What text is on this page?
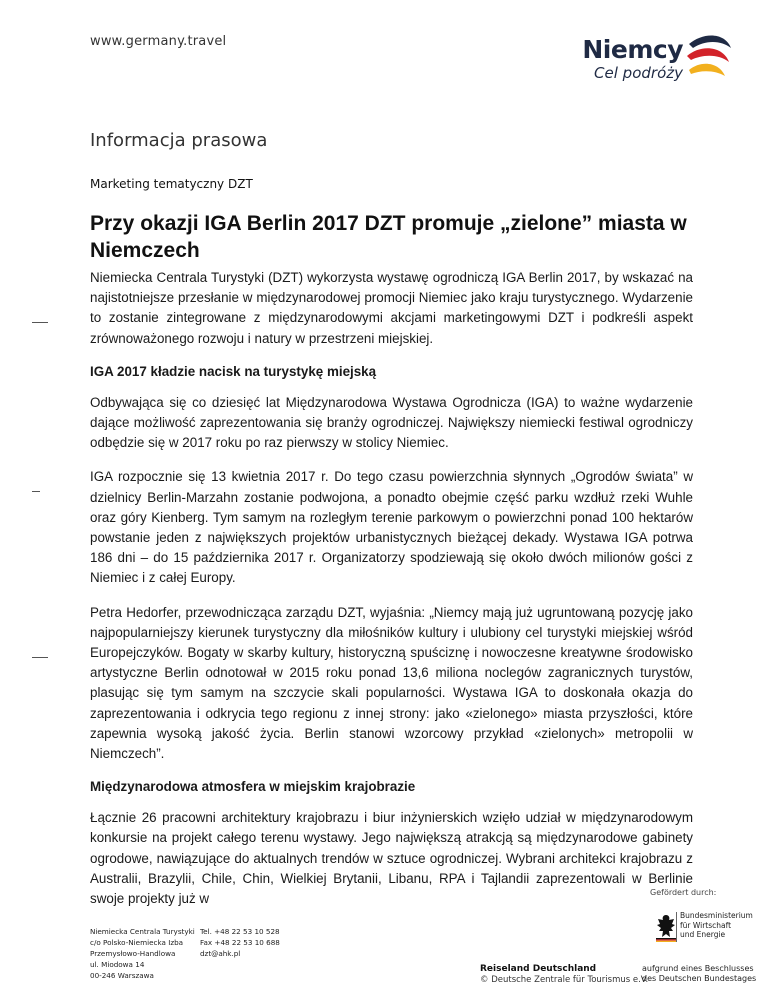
www.germany.travel	Niemcy
Cel podróży
Informacja prasowa
Marketing tematyczny DZT
Przy okazji IGA Berlin 2017 DZT promuje „zielone” miasta w Niemczech

Niemiecka Centrala Turystyki (DZT) wykorzysta wystawę ogrodniczą IGA Berlin 2017, by wskazać na najistotniejsze przesłanie w międzynarodowej promocji Niemiec jako kraju turystycznego. Wydarzenie to zostanie zintegrowane z międzynarodowymi akcjami marketingowymi DZT i podkreśli aspekt zrównoważonego rozwoju i natury w przestrzeni miejskiej.

IGA 2017 kładzie nacisk na turystykę miejską

Odbywająca się co dziesięć lat Międzynarodowa Wystawa Ogrodnicza (IGA) to ważne wydarzenie dające możliwość zaprezentowania się branży ogrodniczej. Największy niemiecki festiwal ogrodniczy odbędzie się w 2017 roku po raz pierwszy w stolicy Niemiec.

IGA rozpocznie się 13 kwietnia 2017 r. Do tego czasu powierzchnia słynnych „Ogrodów świata” w dzielnicy Berlin-Marzahn zostanie podwojona, a ponadto obejmie część parku wzdłuż rzeki Wuhle oraz góry Kienberg. Tym samym na rozległym terenie parkowym o powierzchni ponad 100 hektarów powstanie jeden z największych projektów urbanistycznych bieżącej dekady. Wystawa IGA potrwa 186 dni – do 15 października 2017 r. Organizatorzy spodziewają się około dwóch milionów gości z Niemiec i z całej Europy.

Petra Hedorfer, przewodnicząca zarządu DZT, wyjaśnia: „Niemcy mają już ugruntowaną pozycję jako najpopularniejszy kierunek turystyczny dla miłośników kultury i ulubiony cel turystyki miejskiej wśród Europejczyków. Bogaty w skarby kultury, historyczną spuściznę i nowoczesne kreatywne środowisko artystyczne Berlin odnotował w 2015 roku ponad 13,6 miliona noclegów zagranicznych turystów, plasując się tym samym na szczycie skali popularności. Wystawa IGA to doskonała okazja do zaprezentowania i odkrycia tego regionu z innej strony: jako «zielonego» miasta przyszłości, które zapewnia wysoką jakość życia. Berlin stanowi wzorcowy przykład «zielonych» metropolii w Niemczech”.

Międzynarodowa atmosfera w miejskim krajobrazie

Łącznie 26 pracowni architektury krajobrazu i biur inżynierskich wzięło udział w międzynarodowym konkursie na projekt całego terenu wystawy. Jego największą atrakcją są międzynarodowe gabinety ogrodowe, nawiązujące do aktualnych trendów w sztuce ogrodniczej. Wybrani architekci krajobrazu z Australii, Brazylii, Chile, Chin, Wielkiej Brytanii, Libanu, RPA i Tajlandii zaprezentowali w Berlinie swoje projekty już w	Gefördert durch:
Niemiecka Centrala Turystyki
c/o Polsko-Niemiecka Izba
Przemysłowo-Handlowa
ul. Miodowa 14
00-246 Warszawa
Tel. +48 22 53 10 528
Fax +48 22 53 10 688
dzt@ahk.pl
Reiseland Deutschland
© Deutsche Zentrale für Tourismus e.V.
Bundesministerium
für Wirtschaft
und Energie
aufgrund eines Beschlusses
des Deutschen Bundestages
